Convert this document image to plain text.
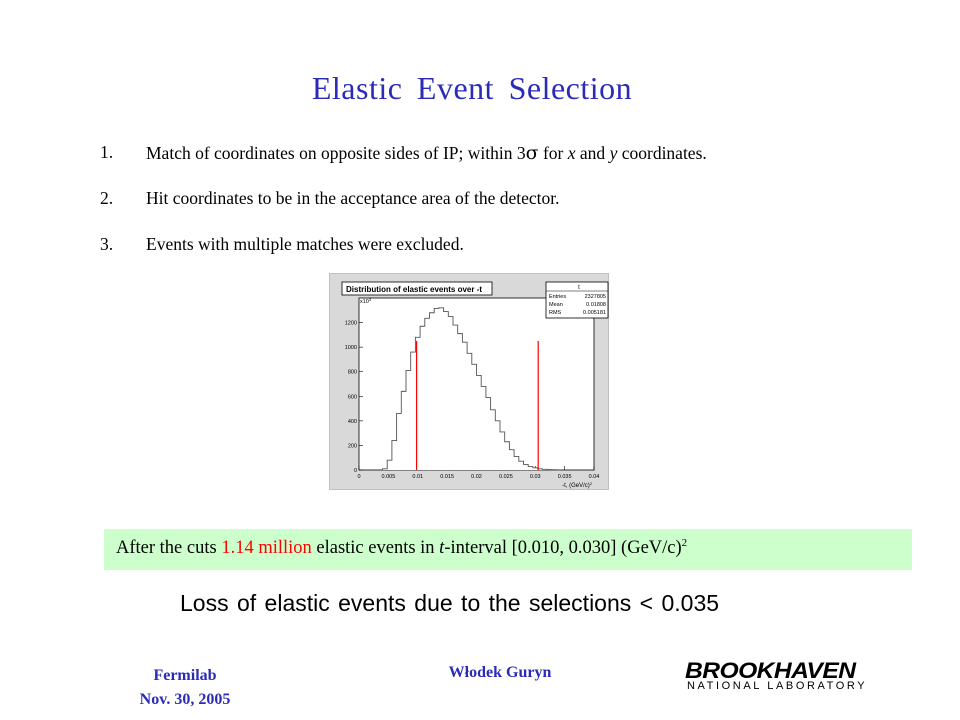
Elastic Event Selection
1.	Match of coordinates on opposite sides of IP; within 3σ for x and y coordinates.
2.	Hit coordinates to be in the acceptance area of the detector.
3.	Events with multiple matches were excluded.
Distribution of elastic events over -t	t
Entries	2327805
Mean	0.01808
RMS	0.005181
$x10^3$
-t, $(GeV/c)^2$
0	0.005	0.01	0.015	0.02	0.025	0.03	0.035	0.04
0
200
400
600
800
1000
1200
After the cuts 1.14 million elastic events in t-interval [0.010, 0.030] $(GeV/c)^2$
Loss of elastic events due to the selections < 0.035
Fermilab
Nov. 30, 2005
Włodek Guryn	BROOKHAVEN
NATIONAL LABORATORY
